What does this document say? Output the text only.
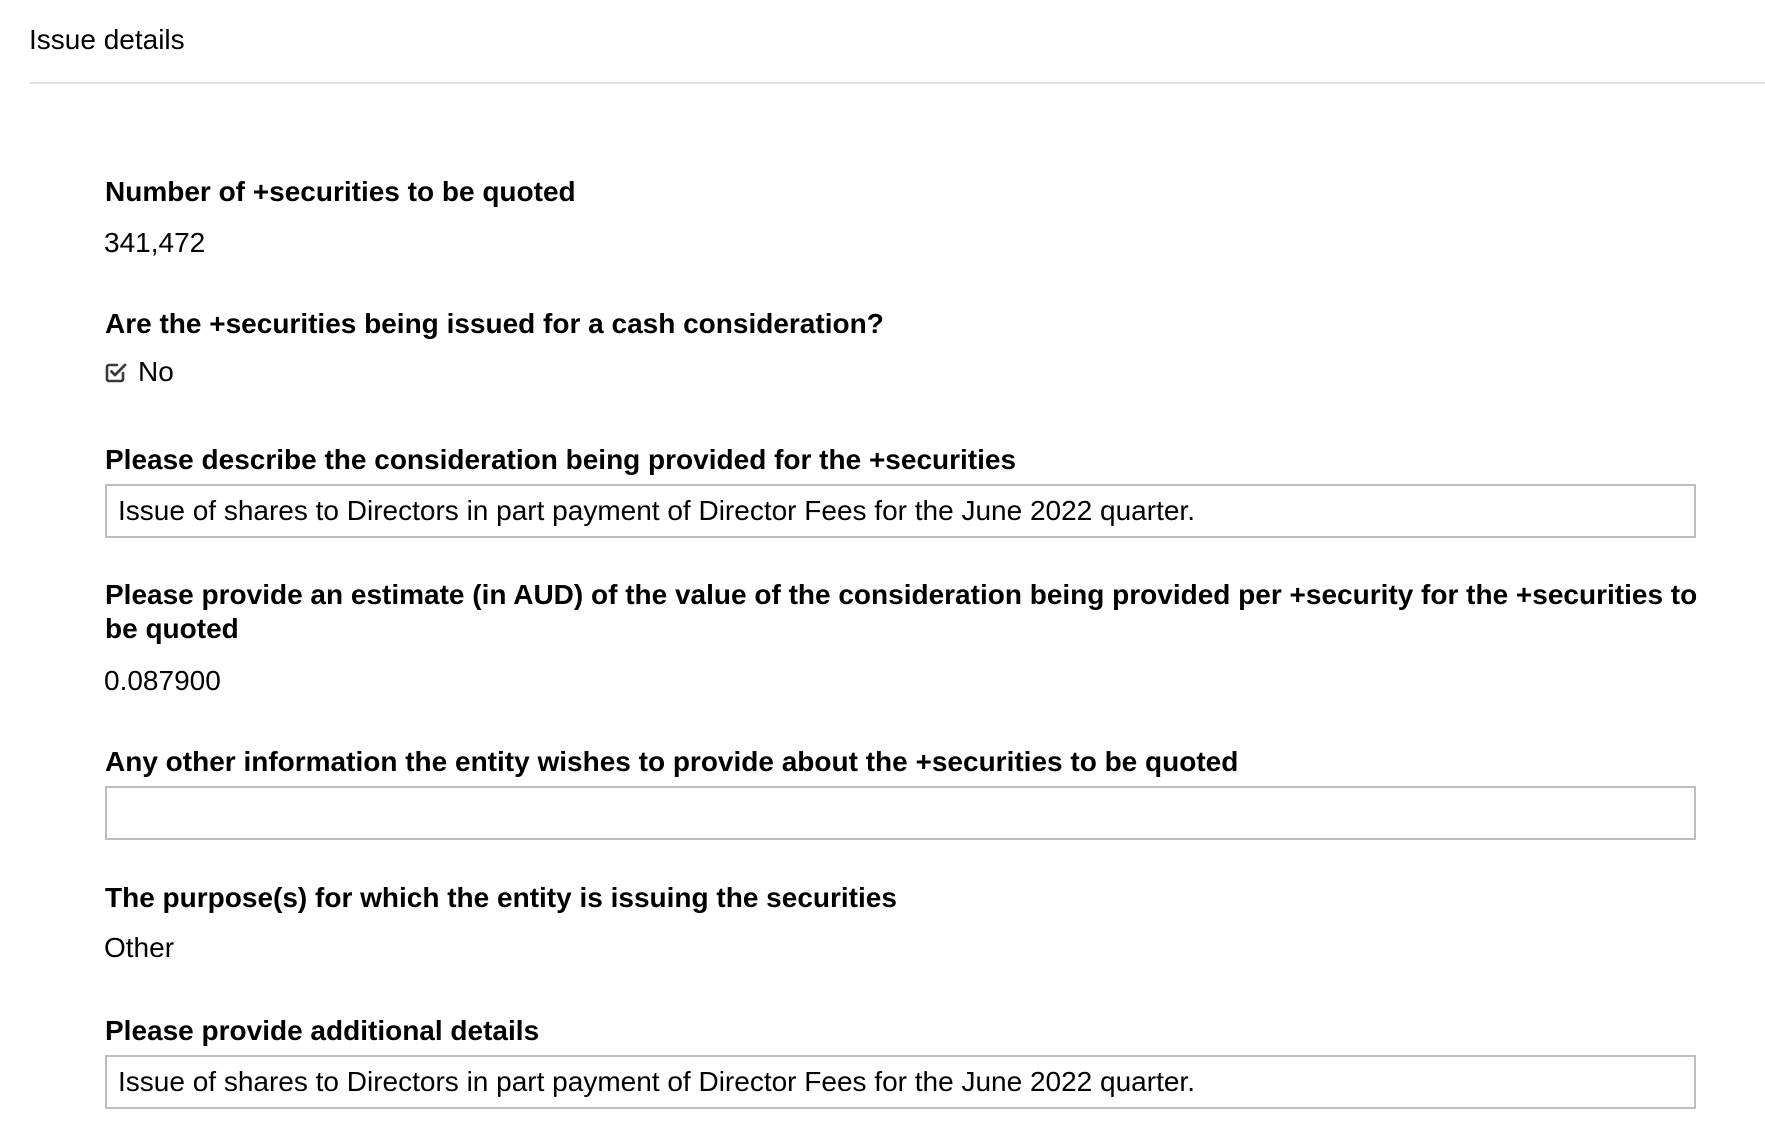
Issue details
Number of +securities to be quoted
341,472
Are the +securities being issued for a cash consideration?
No
Please describe the consideration being provided for the +securities
Issue of shares to Directors in part payment of Director Fees for the June 2022 quarter.
Please provide an estimate (in AUD) of the value of the consideration being provided per +security for the +securities to be quoted
0.087900
Any other information the entity wishes to provide about the +securities to be quoted
The purpose(s) for which the entity is issuing the securities
Other
Please provide additional details
Issue of shares to Directors in part payment of Director Fees for the June 2022 quarter.
